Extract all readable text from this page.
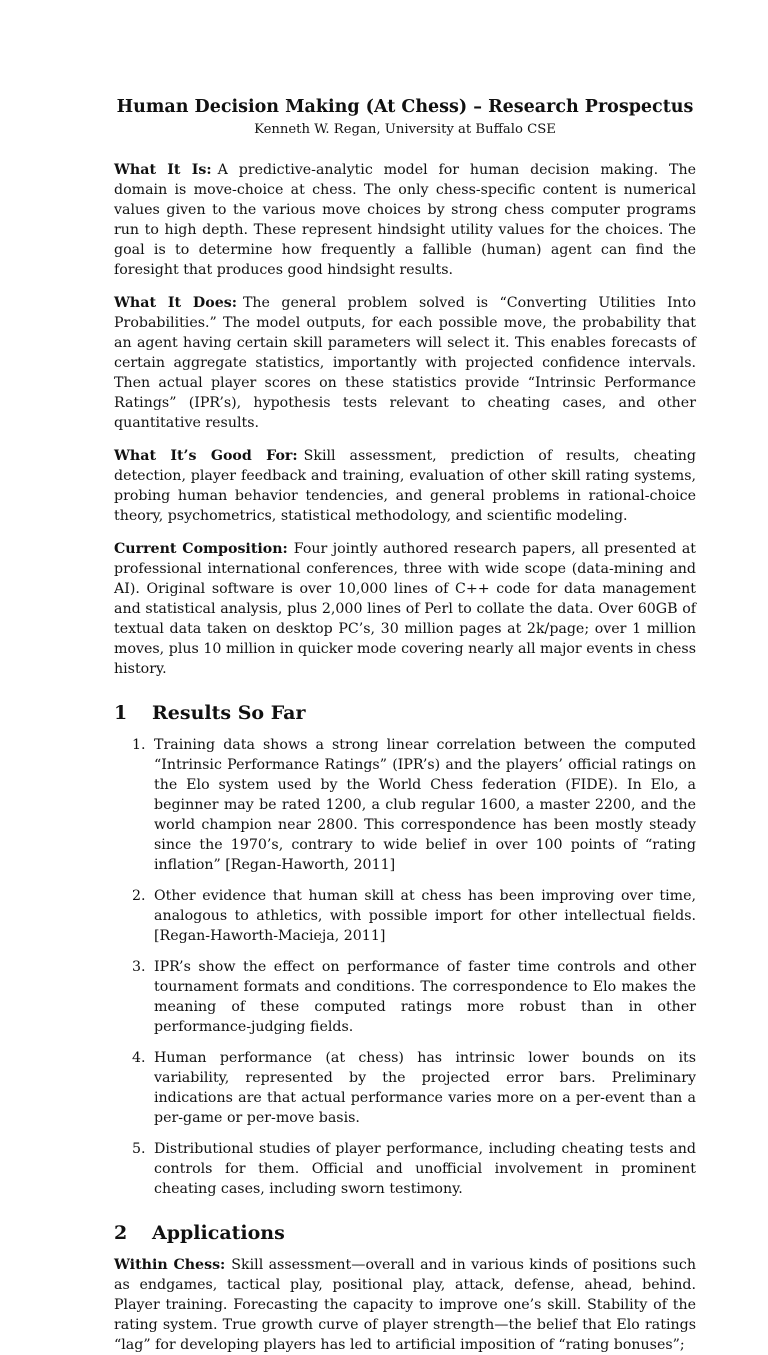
Human Decision Making (At Chess) – Research Prospectus
Kenneth W. Regan, University at Buffalo CSE

What It Is: A predictive-analytic model for human decision making. The domain is move-choice at chess. The only chess-specific content is numerical values given to the various move choices by strong chess computer programs run to high depth. These represent hindsight utility values for the choices. The goal is to determine how frequently a fallible (human) agent can find the foresight that produces good hindsight results.

What It Does: The general problem solved is “Converting Utilities Into Probabilities.” The model outputs, for each possible move, the probability that an agent having certain skill parameters will select it. This enables forecasts of certain aggregate statistics, importantly with projected confidence intervals. Then actual player scores on these statistics provide “Intrinsic Performance Ratings” (IPR’s), hypothesis tests relevant to cheating cases, and other quantitative results.

What It’s Good For: Skill assessment, prediction of results, cheating detection, player feedback and training, evaluation of other skill rating systems, probing human behavior tendencies, and general problems in rational-choice theory, psychometrics, statistical methodology, and scientific modeling.

Current Composition: Four jointly authored research papers, all presented at professional international conferences, three with wide scope (data-mining and AI). Original software is over 10,000 lines of C++ code for data management and statistical analysis, plus 2,000 lines of Perl to collate the data. Over 60GB of textual data taken on desktop PC’s, 30 million pages at 2k/page; over 1 million moves, plus 10 million in quicker mode covering nearly all major events in chess history.

1	Results So Far
1. Training data shows a strong linear correlation between the computed “Intrinsic Performance Ratings” (IPR’s) and the players’ official ratings on the Elo system used by the World Chess federation (FIDE). In Elo, a beginner may be rated 1200, a club regular 1600, a master 2200, and the world champion near 2800. This correspondence has been mostly steady since the 1970’s, contrary to wide belief in over 100 points of “rating inflation” [Regan-Haworth, 2011]
2. Other evidence that human skill at chess has been improving over time, analogous to athletics, with possible import for other intellectual fields. [Regan-Haworth-Macieja, 2011]
3. IPR’s show the effect on performance of faster time controls and other tournament formats and conditions. The correspondence to Elo makes the meaning of these computed ratings more robust than in other performance-judging fields.
4. Human performance (at chess) has intrinsic lower bounds on its variability, represented by the projected error bars. Preliminary indications are that actual performance varies more on a per-event than a per-game or per-move basis.
5. Distributional studies of player performance, including cheating tests and controls for them. Official and unofficial involvement in prominent cheating cases, including sworn testimony.
2	Applications

Within Chess: Skill assessment—overall and in various kinds of positions such as endgames, tactical play, positional play, attack, defense, ahead, behind. Player training. Forecasting the capacity to improve one’s skill. Stability of the rating system. True growth curve of player strength—the belief that Elo ratings “lag” for developing players has led to artificial imposition of “rating bonuses”;
